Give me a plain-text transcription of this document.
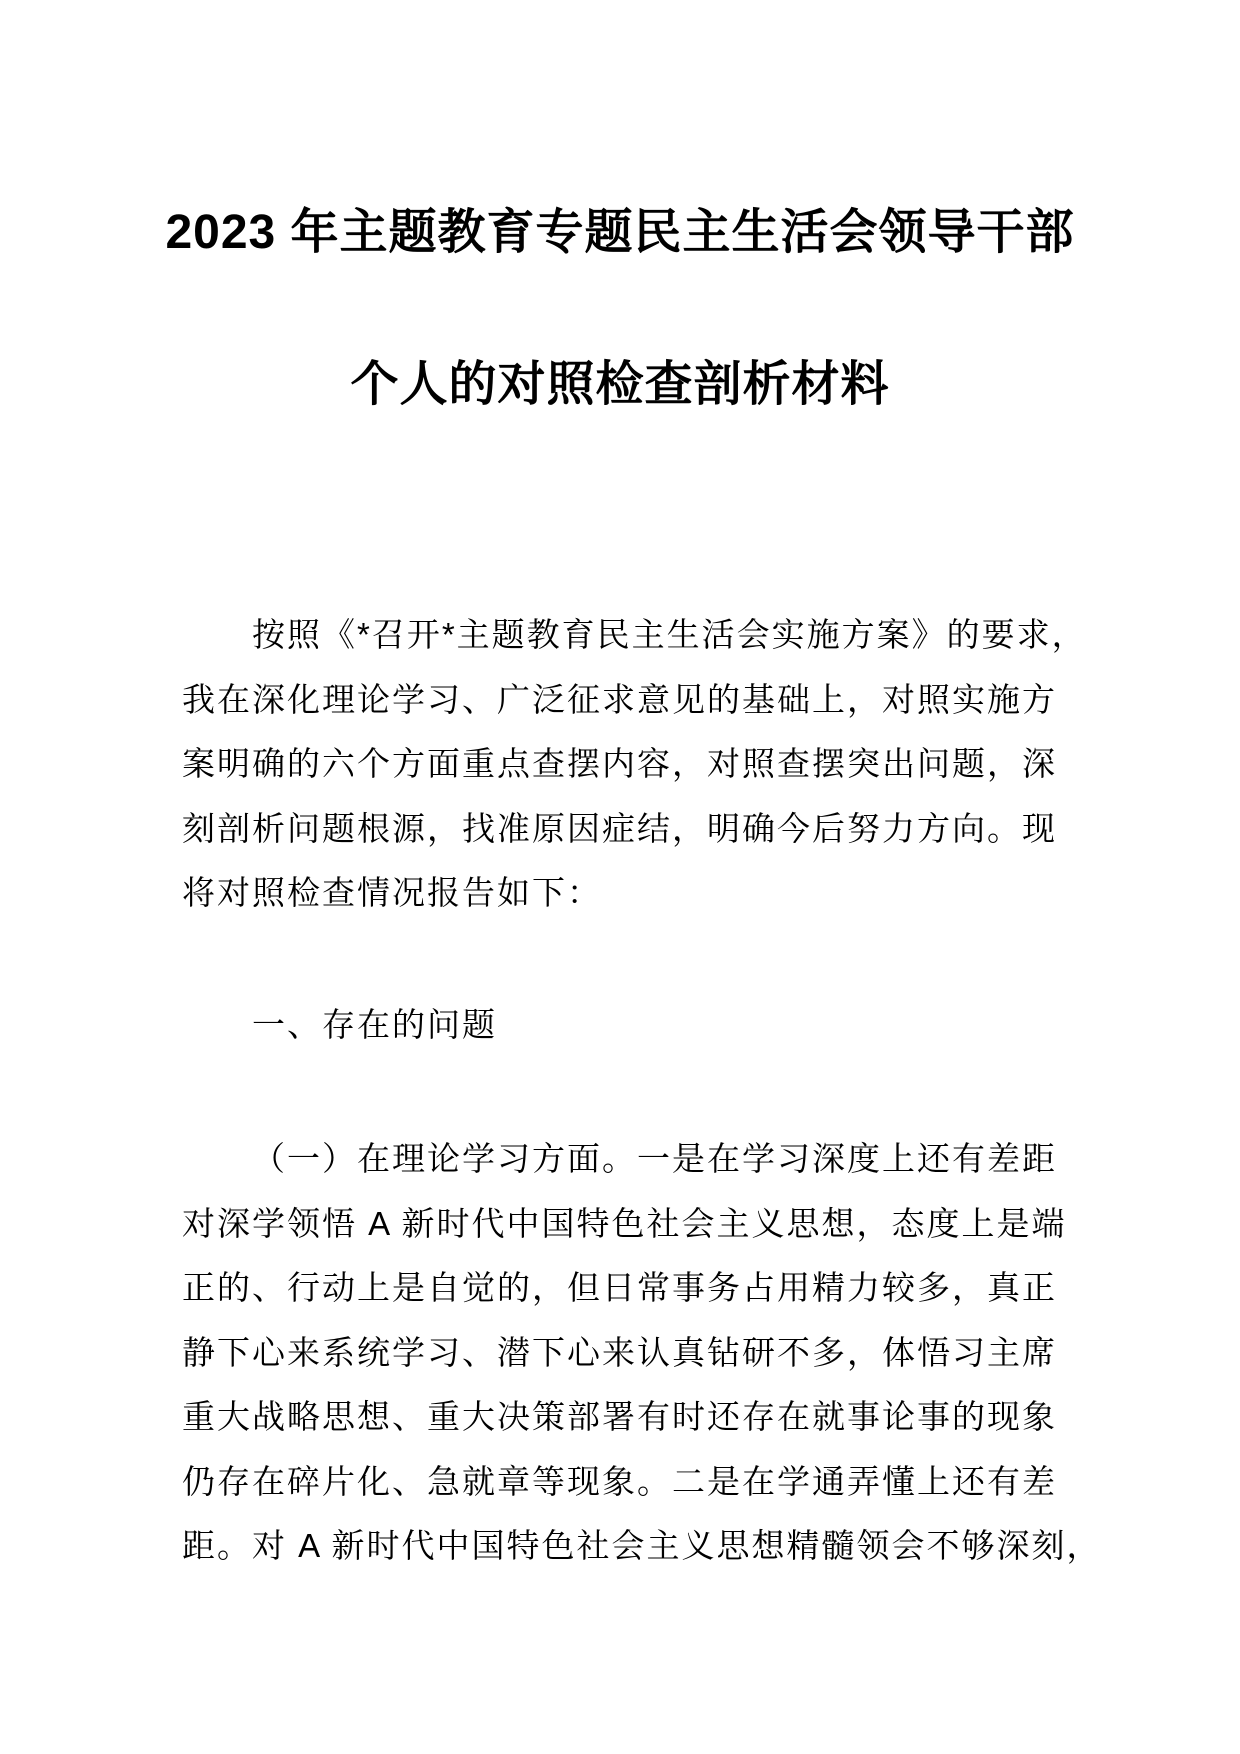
2023 年主题教育专题民主生活会领导干部
个人的对照检查剖析材料
按照《*召开*主题教育民主生活会实施方案》的要求，
我在深化理论学习、广泛征求意见的基础上，对照实施方
案明确的六个方面重点查摆内容，对照查摆突出问题，深
刻剖析问题根源，找准原因症结，明确今后努力方向。现
将对照检查情况报告如下：
一、存在的问题
（一）在理论学习方面。一是在学习深度上还有差距
对深学领悟 A 新时代中国特色社会主义思想，态度上是端
正的、行动上是自觉的，但日常事务占用精力较多，真正
静下心来系统学习、潜下心来认真钻研不多，体悟习主席
重大战略思想、重大决策部署有时还存在就事论事的现象
仍存在碎片化、急就章等现象。二是在学通弄懂上还有差
距。对 A 新时代中国特色社会主义思想精髓领会不够深刻，
